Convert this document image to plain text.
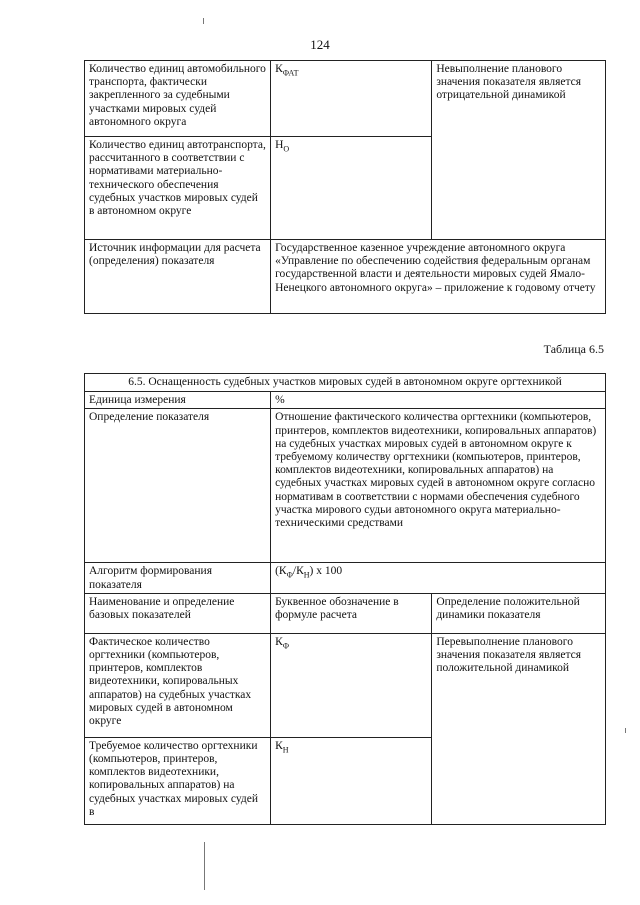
124
Количество единиц автомобильного транспорта, фактически закрепленного за судебными участками мировых судей автономного округа	$К_{ФАТ}$	Невыполнение планового значения показателя является отрицательной динамикой
Количество единиц автотранспорта, рассчитанного в соответствии с нормативами материально-технического обеспечения судебных участков мировых судей в автономном округе	$Н_О$
Источник информации для расчета (определения) показателя	Государственное казенное учреждение автономного округа «Управление по обеспечению содействия федеральным органам государственной власти и деятельности мировых судей Ямало-Ненецкого автономного округа» – приложение к годовому отчету	
Таблица 6.5
6.5. Оснащенность судебных участков мировых судей в автономном округе оргтехникой		
Единица измерения	%	
Определение показателя	Отношение фактического количества оргтехники (компьютеров, принтеров, комплектов видеотехники, копировальных аппаратов) на судебных участках мировых судей в автономном округе к требуемому количеству оргтехники (компьютеров, принтеров, комплектов видеотехники, копировальных аппаратов) на судебных участках мировых судей в автономном округе согласно нормативам в соответствии с нормами обеспечения судебного участка мирового судьи автономного округа материально-техническими средствами	
Алгоритм формирования показателя	$(К_Ф/К_Н)$ x 100	
Наименование и определение базовых показателей	Буквенное обозначение в формуле расчета	Определение положительной динамики показателя
Фактическое количество оргтехники (компьютеров, принтеров, комплектов видеотехники, копировальных аппаратов) на судебных участках мировых судей в автономном округе	$К_Ф$	Перевыполнение планового значения показателя является положительной динамикой
Требуемое количество оргтехники (компьютеров, принтеров, комплектов видеотехники, копировальных аппаратов) на судебных участках мировых судей в	$К_Н$
